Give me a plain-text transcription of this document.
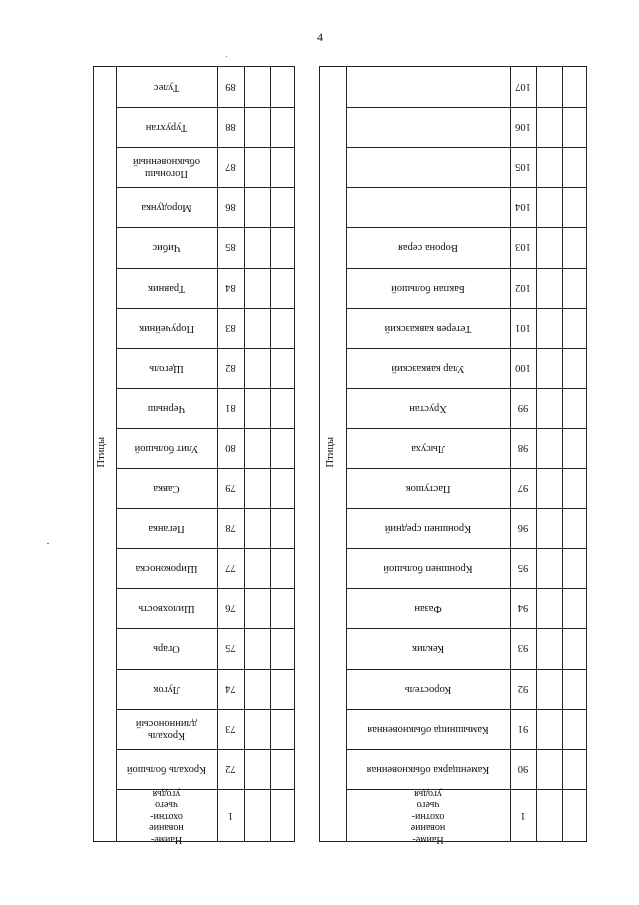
4
Птицы
Тулес	89
Турухтан	88
Погоныш обыкновенный	87
Мородунка	86
Чибис	85
Травник	84
Поручейник	83
Щеголь	82
Черныш	81
Улит большой	80
Савка	79
Пеганка	78
Широконоска	77
Шилохвость	76
Огарь	75
Лугок	74
Крохаль длинноносый	73
Крохаль большой	72
Наиме-
нование
охотни-
чьего
угодья
1
Птицы
107
106
105
104
Ворона серая	103
Бакпан большой	102
Тетерев кавказский	101
Улар кавказский	100
Хрустан	99
Лысуха	98
Пастушок	97
Кроншнеп средний	96
Кроншнеп большой	95
Фазан	94
Кеклик	93
Коростель	92
Камышница обыкновенная	91
Каменщарка обыкновенная	90
Наиме-
нование
охотни-
чьего
угодья
1
